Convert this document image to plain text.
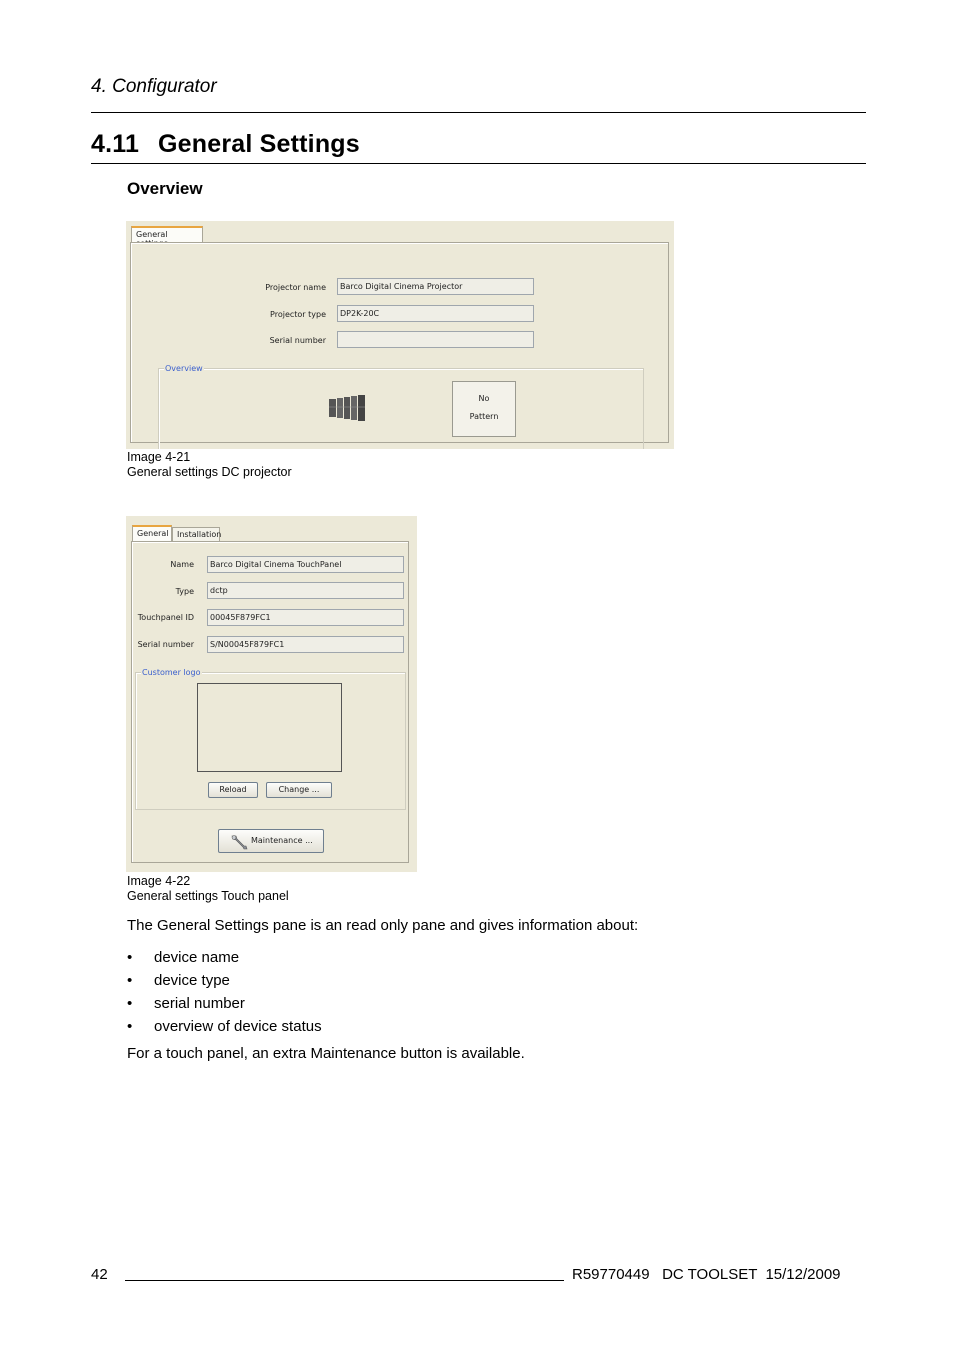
4. Configurator
4.11 General Settings
Overview
General
Projector name	Barco Digital Cinema Projector
Projector type	DP2K-20C
Serial number
Overview
No
Pattern
Image 4-21
General settings DC projector
General	Installation
Name	Barco Digital Cinema TouchPanel
Type	dctp
Touchpanel ID	00045F879FC1
Serial number	S/N00045F879FC1
Customer logo
Reload	Change ...
Maintenance ...
Image 4-22
General settings Touch panel
The General Settings pane is an read only pane and gives information about:
• device name
• device type
• serial number
• overview of device status
For a touch panel, an extra Maintenance button is available.
42	R59770449   DC TOOLSET  15/12/2009
